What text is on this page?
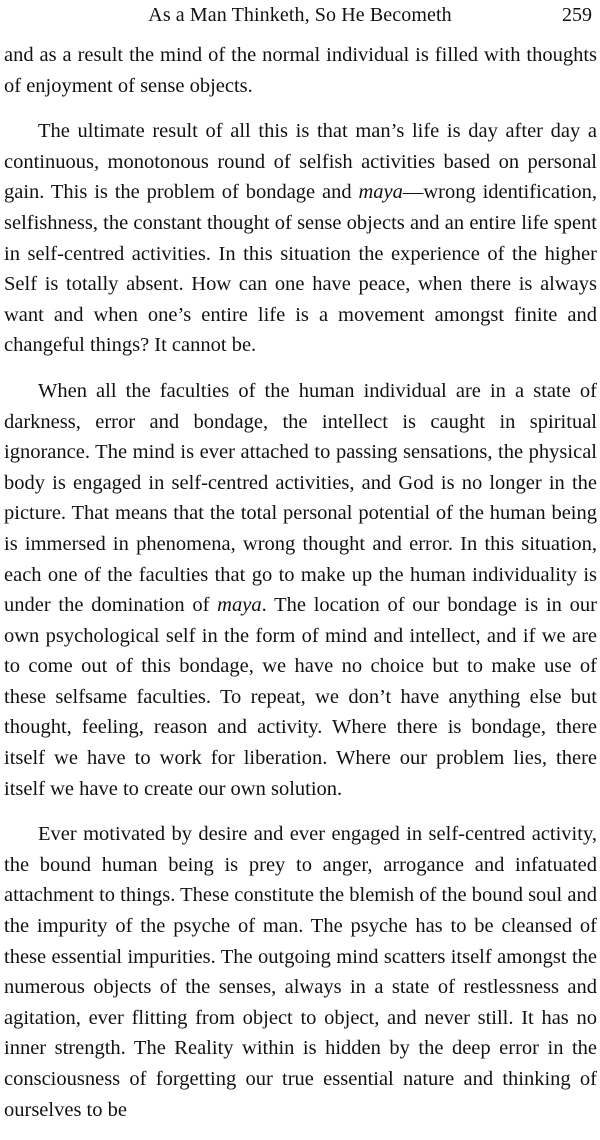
As a Man Thinketh, So He Becometh	259

and as a result the mind of the normal individual is filled with thoughts of enjoyment of sense objects.

The ultimate result of all this is that man’s life is day after day a continuous, monotonous round of selfish activities based on personal gain. This is the problem of bondage and maya—wrong identification, selfishness, the constant thought of sense objects and an entire life spent in self-centred activities. In this situation the experience of the higher Self is totally absent. How can one have peace, when there is always want and when one’s entire life is a movement amongst finite and changeful things? It cannot be.

When all the faculties of the human individual are in a state of darkness, error and bondage, the intellect is caught in spiritual ignorance. The mind is ever attached to passing sensations, the physical body is engaged in self-centred activities, and God is no longer in the picture. That means that the total personal potential of the human being is immersed in phenomena, wrong thought and error. In this situation, each one of the faculties that go to make up the human individuality is under the domination of maya. The location of our bondage is in our own psychological self in the form of mind and intellect, and if we are to come out of this bondage, we have no choice but to make use of these selfsame faculties. To repeat, we don’t have anything else but thought, feeling, reason and activity. Where there is bondage, there itself we have to work for liberation. Where our problem lies, there itself we have to create our own solution.

Ever motivated by desire and ever engaged in self-centred activity, the bound human being is prey to anger, arrogance and infatuated attachment to things. These constitute the blemish of the bound soul and the impurity of the psyche of man. The psyche has to be cleansed of these essential impurities. The outgoing mind scatters itself amongst the numerous objects of the senses, always in a state of restlessness and agitation, ever flitting from object to object, and never still. It has no inner strength. The Reality within is hidden by the deep error in the consciousness of forgetting our true essential nature and thinking of ourselves to be
